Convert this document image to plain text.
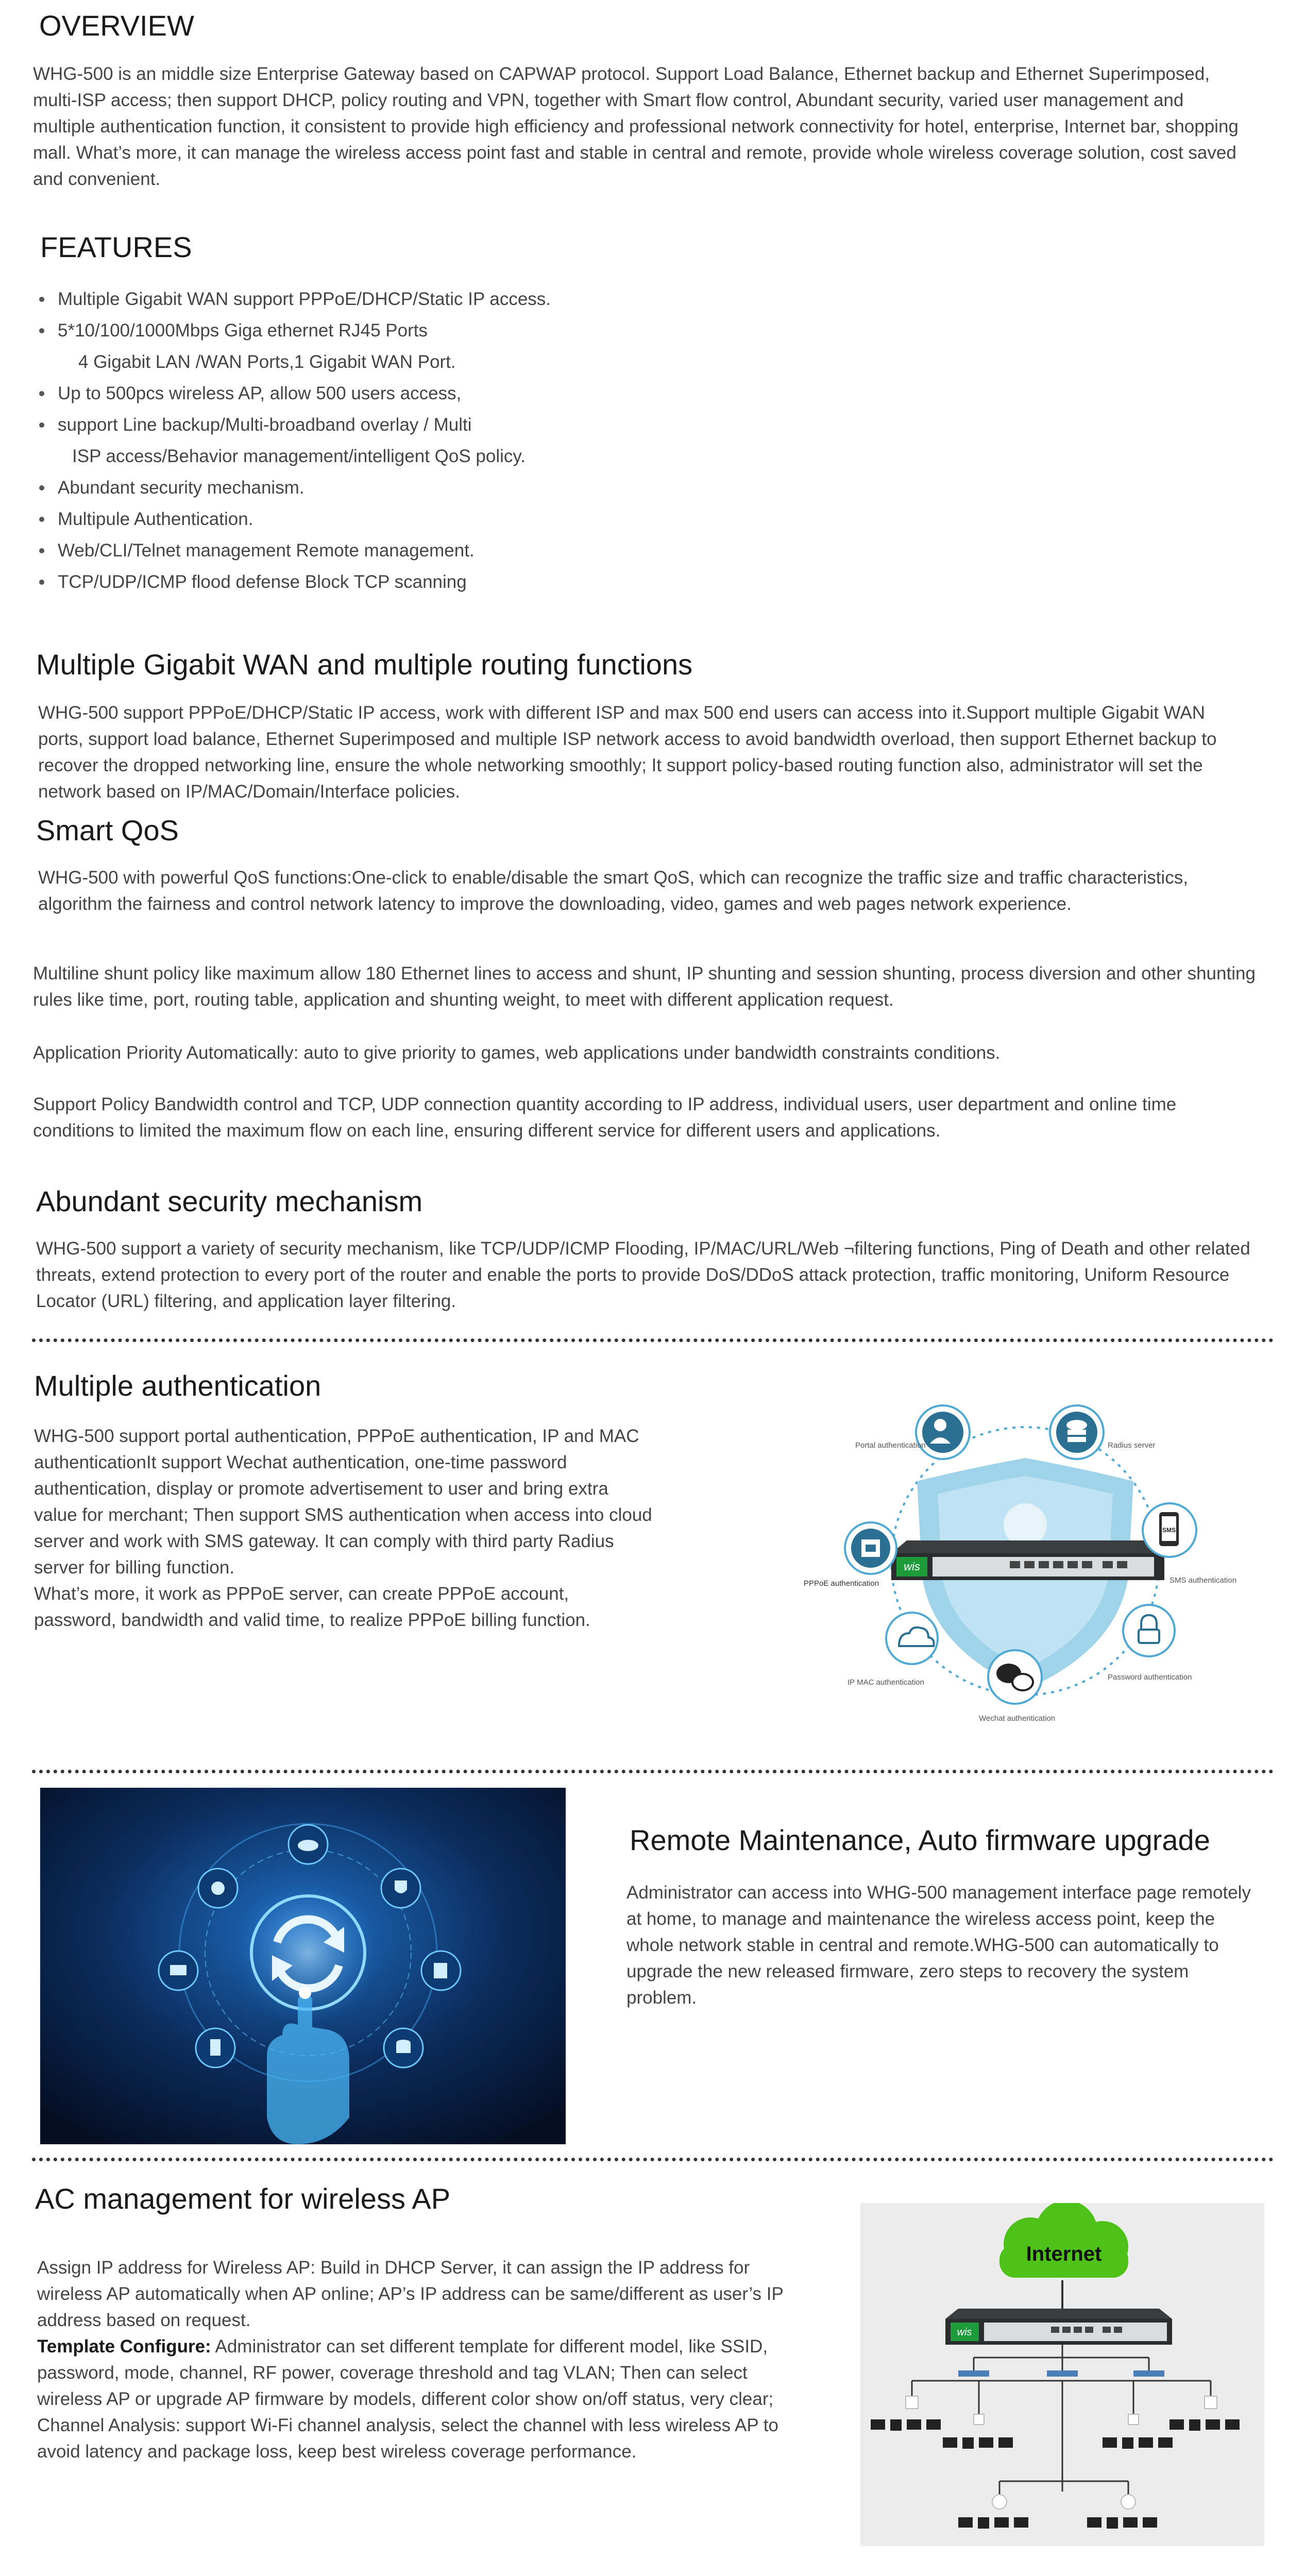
OVERVIEW
WHG-500 is an middle size Enterprise Gateway based on CAPWAP protocol. Support Load Balance, Ethernet backup and Ethernet Superimposed, multi-ISP access; then support DHCP, policy routing and VPN, together with Smart flow control, Abundant security, varied user management and multiple authentication function, it consistent to provide high efficiency and professional network connectivity for hotel, enterprise, Internet bar, shopping mall. What’s more, it can manage the wireless access point fast and stable in central and remote, provide whole wireless coverage solution, cost saved and convenient.
FEATURES
Multiple Gigabit WAN support PPPoE/DHCP/Static IP access.
5*10/100/1000Mbps Giga ethernet RJ45 Ports
4 Gigabit LAN /WAN Ports,1 Gigabit WAN Port.
Up to 500pcs wireless AP, allow 500 users access,
support Line backup/Multi-broadband overlay / Multi
ISP access/Behavior management/intelligent QoS policy.
Abundant security mechanism.
Multipule Authentication.
Web/CLI/Telnet management Remote management.
TCP/UDP/ICMP flood defense Block TCP scanning
Multiple Gigabit WAN and multiple routing functions
WHG-500 support PPPoE/DHCP/Static IP access, work with different ISP and max 500 end users can access into it.Support multiple Gigabit WAN ports, support load balance, Ethernet Superimposed and multiple ISP network access to avoid bandwidth overload, then support Ethernet backup to recover the dropped networking line, ensure the whole networking smoothly; It support policy-based routing function also, administrator will set the network based on IP/MAC/Domain/Interface policies.
Smart QoS
WHG-500 with powerful QoS functions:One-click to enable/disable the smart QoS, which can recognize the traffic size and traffic characteristics, algorithm the fairness and control network latency to improve the downloading, video, games and web pages network experience.
Multiline shunt policy like maximum allow 180 Ethernet lines to access and shunt, IP shunting and session shunting, process diversion and other shunting rules like time, port, routing table, application and shunting weight, to meet with different application request.
Application Priority Automatically: auto to give priority to games, web applications under bandwidth constraints conditions.
Support Policy Bandwidth control and TCP, UDP connection quantity according to IP address, individual users, user department and online time conditions to limited the maximum flow on each line, ensuring different service for different users and applications.
Abundant security mechanism
WHG-500 support a variety of security mechanism, like TCP/UDP/ICMP Flooding, IP/MAC/URL/Web ¬filtering functions, Ping of Death and other related threats, extend protection to every port of the router and enable the ports to provide DoS/DDoS attack protection, traffic monitoring, Uniform Resource Locator (URL) filtering, and application layer filtering.
Multiple authentication
WHG-500 support portal authentication, PPPoE authentication, IP and MAC authenticationIt support Wechat authentication, one-time password authentication, display or promote advertisement to user and bring extra value for merchant; Then support SMS authentication when access into cloud server and work with SMS gateway. It can comply with third party Radius server for billing function.
What’s more, it work as PPPoE server, can create PPPoE account, password, bandwidth and valid time, to realize PPPoE billing function.
wis
Portal authentication	Radius server
PPPoE authentication
SMS
SMS authentication
IP MAC authentication
Password authentication
Wechat authentication
Remote Maintenance, Auto firmware upgrade
Administrator can access into WHG-500 management interface page remotely at home, to manage and maintenance the wireless access point, keep the whole network stable in central and remote.WHG-500 can automatically to upgrade the new released firmware, zero steps to recovery the system problem.
AC management for wireless AP
Assign IP address for Wireless AP: Build in DHCP Server, it can assign the IP address for wireless AP automatically when AP online; AP’s IP address can be same/different as user’s IP address based on request.
Template Configure: Administrator can set different template for different model, like SSID, password, mode, channel, RF power, coverage threshold and tag VLAN; Then can select wireless AP or upgrade AP firmware by models, different color show on/off status, very clear; Channel Analysis: support Wi-Fi channel analysis, select the channel with less wireless AP to avoid latency and package loss, keep best wireless coverage performance.
Internet
wis
